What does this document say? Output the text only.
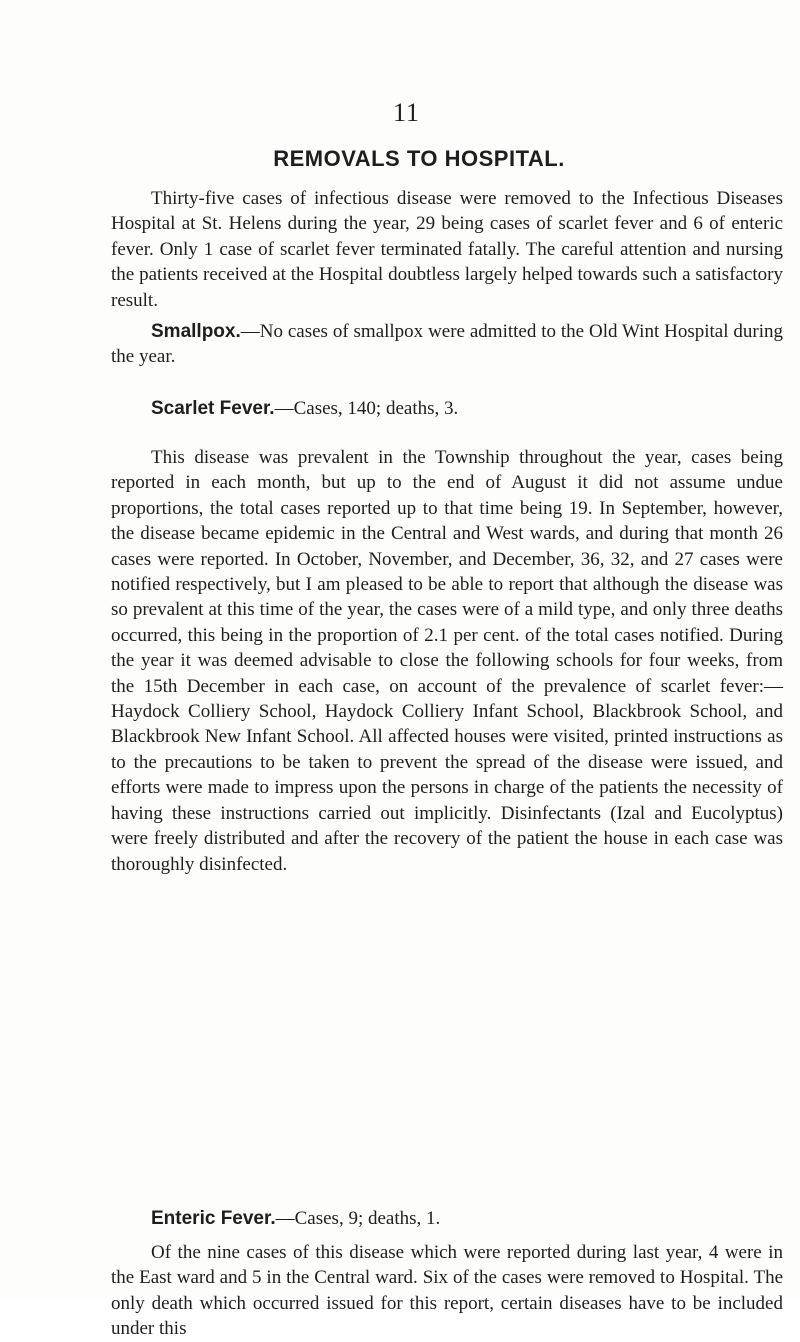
11
REMOVALS TO HOSPITAL.

Thirty-five cases of infectious disease were removed to the Infectious Diseases Hospital at St. Helens during the year, 29 being cases of scarlet fever and 6 of enteric fever. Only 1 case of scarlet fever terminated fatally. The careful attention and nursing the patients received at the Hospital doubtless largely helped towards such a satisfactory result.

Smallpox.—No cases of smallpox were admitted to the Old Wint Hospital during the year.

Scarlet Fever.—Cases, 140; deaths, 3.

This disease was prevalent in the Township throughout the year, cases being reported in each month, but up to the end of August it did not assume undue proportions, the total cases reported up to that time being 19. In September, however, the disease became epidemic in the Central and West wards, and during that month 26 cases were reported. In October, November, and December, 36, 32, and 27 cases were notified respectively, but I am pleased to be able to report that although the disease was so prevalent at this time of the year, the cases were of a mild type, and only three deaths occurred, this being in the proportion of 2.1 per cent. of the total cases notified. During the year it was deemed advisable to close the following schools for four weeks, from the 15th December in each case, on account of the prevalence of scarlet fever:—Haydock Colliery School, Haydock Colliery Infant School, Blackbrook School, and Blackbrook New Infant School. All affected houses were visited, printed instructions as to the precautions to be taken to prevent the spread of the disease were issued, and efforts were made to impress upon the persons in charge of the patients the necessity of having these instructions carried out implicitly. Disinfectants (Izal and Eucolyptus) were freely distributed and after the recovery of the patient the house in each case was thoroughly disinfected.

Enteric Fever.—Cases, 9; deaths, 1.

Of the nine cases of this disease which were reported during last year, 4 were in the East ward and 5 in the Central ward. Six of the cases were removed to Hospital. The only death which occurred issued for this report, certain diseases have to be included under this
